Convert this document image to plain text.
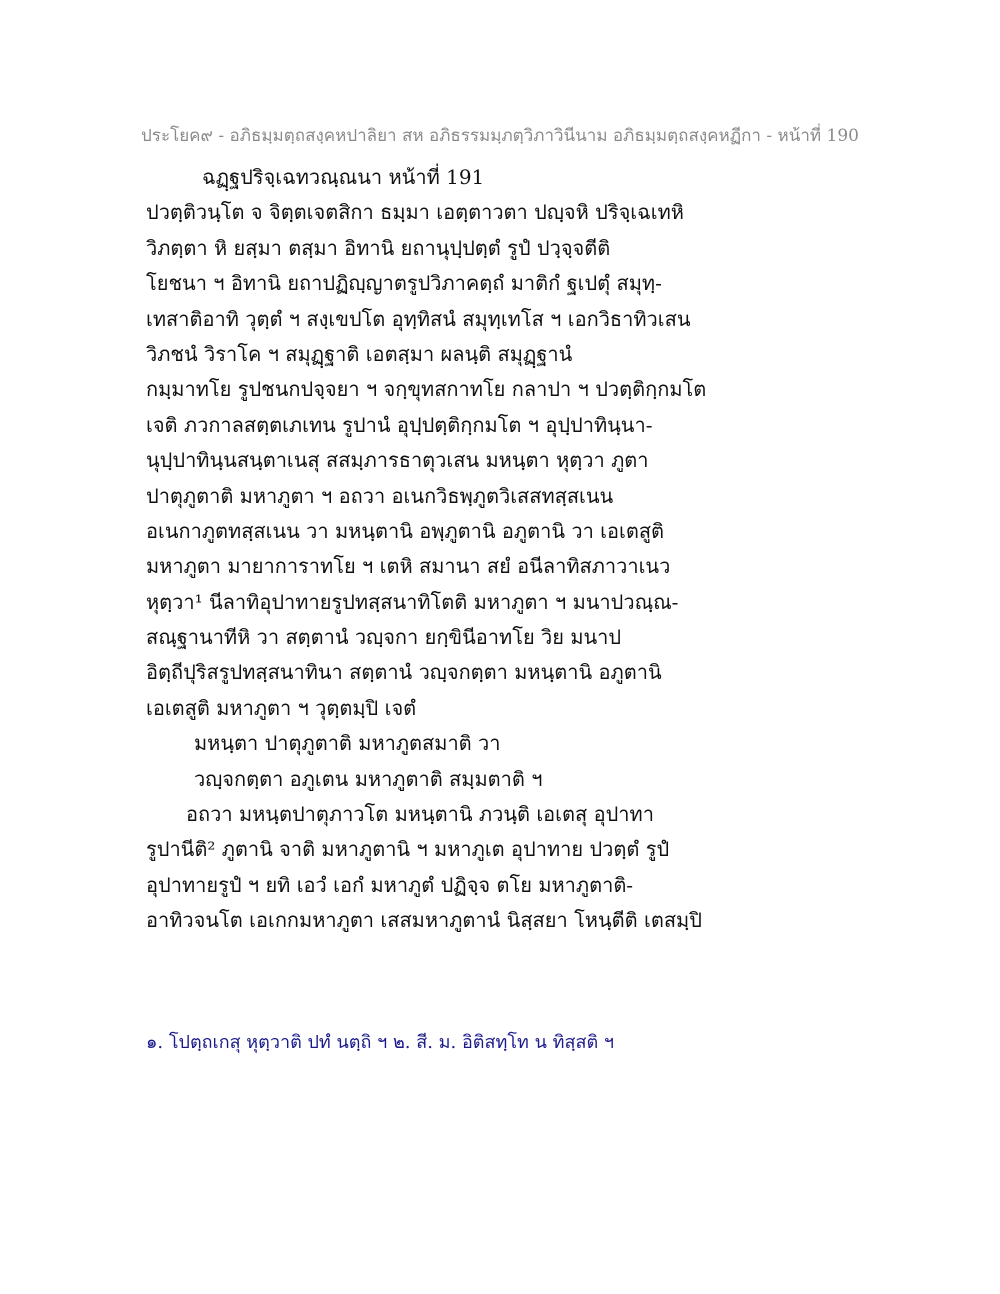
ประโยค๙ - อภิธมฺมตฺถสงฺคหปาลิยา สห อภิธรรมมฺภตฺวิภาวินีนาม อภิธมฺมตฺถสงฺคหฏีกา - หน้าที่ 190
ฉฏฺฐปริจฺเฉทวณฺณนา หน้าที่ 191
ปวตฺติวนฺโต จ จิตฺตเจตสิกา ธมฺมา เอตฺตาวตา ปญฺจหิ ปริจฺเฉเทหิ
วิภตฺตา หิ ยสฺมา ตสฺมา อิทานิ ยถานุปฺปตฺตํ รูปํ ปวฺจฺจตีติ
โยชนา ฯ อิทานิ ยถาปฏิญฺญาตรูปวิภาคตฺถํ มาติกํ ฐเปตุํ สมุทฺ-
เทสาติอาทิ วุตฺตํ ฯ สงฺเขปโต อุทฺทิสนํ สมุทฺเทโส ฯ เอกวิธาทิวเสน
วิภชนํ วิราโค ฯ สมุฏฺฐาติ เอตสฺมา ผลนฺติ สมุฏฺฐานํ
กมฺมาทโย รูปชนกปจฺจยา ฯ จกฺขุทสกาทโย กลาปา ฯ ปวตฺติกฺกมโต
เจติ ภวกาลสตฺตเภเทน รูปานํ อุปฺปตฺติกฺกมโต ฯ อุปฺปาทินฺนา-
นุปฺปาทินฺนสนฺตาเนสุ สสมฺภารธาตุวเสน มหนฺตา หุตฺวา ภูตา
ปาตุภูตาติ มหาภูตา ฯ อถวา อเนกวิธพฺภูตวิเสสทสฺสเนน
อเนกาภูตทสฺสเนน วา มหนฺตานิ อพฺภูตานิ อภูตานิ วา เอเตสูติ
มหาภูตา มายาการาทโย ฯ เตหิ สมานา สยํ อนีลาทิสภาวาเนว
หุตฺวา¹ นีลาทิอุปาทายรูปทสฺสนาทิโตติ มหาภูตา ฯ มนาปวณฺณ-
สณฺฐานาทีหิ วา สตฺตานํ วญฺจกา ยกฺขินีอาทโย วิย มนาป
อิตฺถีปุริสรูปทสฺสนาทินา สตฺตานํ วญฺจกตฺตา มหนฺตานิ อภูตานิ
เอเตสูติ มหาภูตา ฯ วุตฺตมฺปิ เจตํ
มหนฺตา ปาตุภูตาติ มหาภูตสมาติ วา
วญฺจกตฺตา อภูเตน มหาภูตาติ สมฺมตาติ ฯ
อถวา มหนฺตปาตุภาวโต มหนฺตานิ ภวนฺติ เอเตสุ อุปาทา
รูปานีติ² ภูตานิ จาติ มหาภูตานิ ฯ มหาภูเต อุปาทาย ปวตฺตํ รูปํ
อุปาทายรูปํ ฯ ยทิ เอวํ เอกํ มหาภูตํ ปฏิจฺจ ตโย มหาภูตาติ-
อาทิวจนโต เอเกกมหาภูตา เสสมหาภูตานํ นิสฺสยา โหนฺตีติ เตสมฺปิ
๑. โปตฺถเกสุ หุตฺวาติ ปทํ นตฺถิ ฯ ๒. สี. ม. อิติสทฺโท น ทิสฺสติ ฯ
